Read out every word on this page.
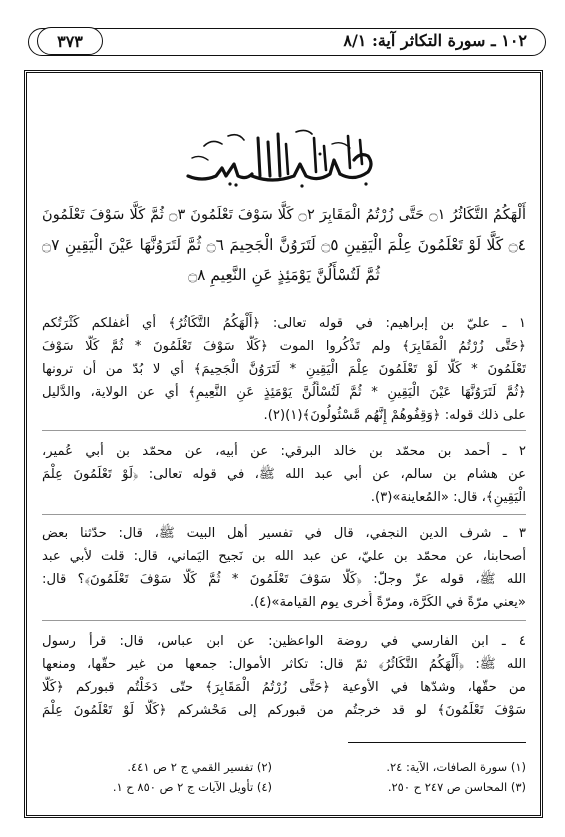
٣٧٣	١٠٢ ـ سورة التكاثر آية: ٨/١
أَلْهَكُمُ التَّكَاثُرُ ۝١ حَتَّى زُرْتُمُ الْمَقَابِرَ ۝٢ كَلَّا سَوْفَ تَعْلَمُونَ ۝٣ ثُمَّ كَلَّا سَوْفَ تَعْلَمُونَ
۝٤ كَلَّا لَوْ تَعْلَمُونَ عِلْمَ الْيَقِينِ ۝٥ لَتَرَوُنَّ الْجَحِيمَ ۝٦ ثُمَّ لَتَرَوُنَّهَا عَيْنَ الْيَقِينِ ۝٧
ثُمَّ لَتُسْأَلُنَّ يَوْمَئِذٍ عَنِ النَّعِيمِ ۝٨
١ ـ عليّ بن إبراهيم: في قوله تعالى: ﴿أَلْهَكُمُ التَّكَاثُرُ﴾ أي أغفلكم كَثْرَتُكم
﴿حَتَّى زُرْتُمُ الْمَقَابِرَ﴾ ولم تَذْكُروا الموت ﴿كَلَّا سَوْفَ تَعْلَمُونَ * ثُمَّ كَلَّا سَوْفَ
تَعْلَمُونَ * كَلَّا لَوْ تَعْلَمُونَ عِلْمَ الْيَقِينِ * لَتَرَوُنَّ الْجَحِيمَ﴾ أي لا بُدّ من أن ترونها
﴿ثُمَّ لَتَرَوُنَّهَا عَيْنَ الْيَقِينِ * ثُمَّ لَتُسْأَلُنَّ يَوْمَئِذٍ عَنِ النَّعِيمِ﴾ أي عن الولاية، والدَّليل
على ذلك قوله: ﴿وَقِفُوهُمْ إِنَّهُم مَّسْئُولُونَ﴾(١)(٢).
٢ ـ أحمد بن محمّد بن خالد البرقي: عن أبيه، عن محمّد بن أبي عُمير،
عن هشام بن سالم، عن أبي عبد الله ﷺ، في قوله تعالى: ﴿لَوْ تَعْلَمُونَ عِلْمَ
الْيَقِينِ﴾، قال: «المُعاينة»(٣).
٣ ـ شرف الدين النجفي، قال في تفسير أهل البيت ﷺ، قال: حدّثنا بعض
أصحابنا، عن محمّد بن عليّ، عن عبد الله بن نَجيح اليَماني، قال: قلت لأبي عبد
الله ﷺ، قوله عزّ وجلّ: ﴿كَلَّا سَوْفَ تَعْلَمُونَ * ثُمَّ كَلَّا سَوْفَ تَعْلَمُونَ﴾؟ قال:
«يعني مرّةً في الكَرَّة، ومرّةً أُخرى يوم القيامة»(٤).
٤ ـ ابن الفارسي في روضة الواعظين: عن ابن عباس، قال: قرأ رسول
الله ﷺ: ﴿أَلْهَكُمُ التَّكَاثُرُ﴾ ثمّ قال: تكاثر الأموال: جمعها من غير حقّها، ومنعها
من حقّها، وشدّها في الأوعية ﴿حَتَّى زُرْتُمُ الْمَقَابِرَ﴾ حتّى دَخَلْتُم قبوركم ﴿كَلَّا
سَوْفَ تَعْلَمُونَ﴾ لو قد خرجتُم من قبوركم إلى مَحْشركم ﴿كَلَّا لَوْ تَعْلَمُونَ عِلْمَ
(١) سورة الصافات، الآية: ٢٤.
(٢) تفسير القمي ج ٢ ص ٤٤١.
(٣) المحاسن ص ٢٤٧ ح ٢٥٠.
(٤) تأويل الآيات ج ٢ ص ٨٥٠ ح ١.
